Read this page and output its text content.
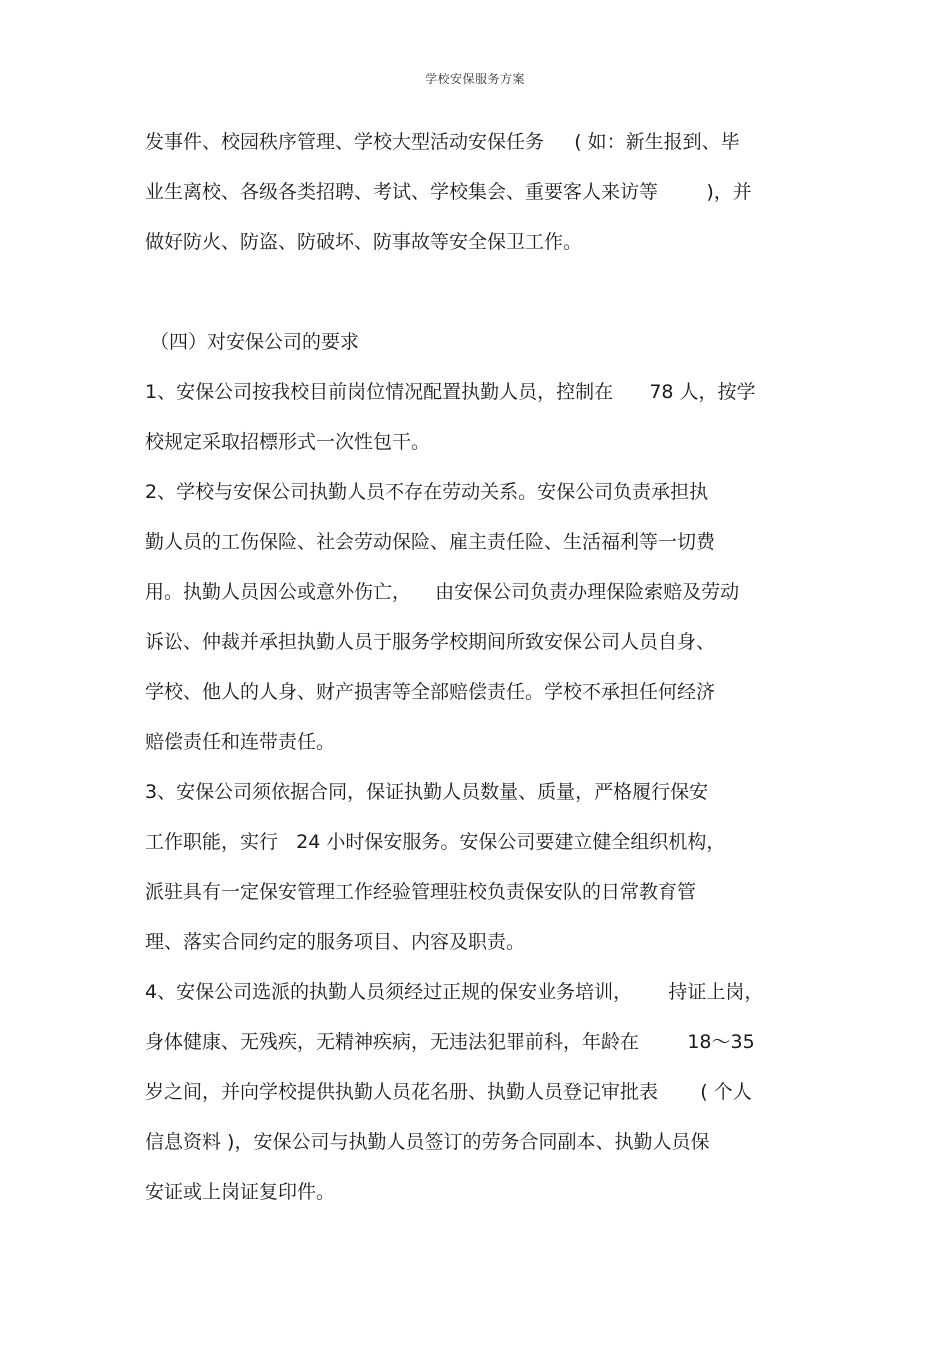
学校安保服务方案
发事件、校园秩序管理、学校大型活动安保任务     ( 如：新生报到、毕
业生离校、各级各类招聘、考试、学校集会、重要客人来访等        )，并
做好防火、防盗、防破坏、防事故等安全保卫工作。
（四）对安保公司的要求
1、安保公司按我校目前岗位情况配置执勤人员，控制在      78 人，按学
校规定采取招標形式一次性包干。
2、学校与安保公司执勤人员不存在劳动关系。安保公司负责承担执
勤人员的工伤保险、社会劳动保险、雇主责任险、生活福利等一切费
用。执勤人员因公或意外伤亡，    由安保公司负责办理保险索赔及劳动
诉讼、仲裁并承担执勤人员于服务学校期间所致安保公司人员自身、
学校、他人的人身、财产损害等全部赔偿责任。学校不承担任何经济
赔偿责任和连带责任。
3、安保公司须依据合同，保证执勤人员数量、质量，严格履行保安
工作职能，实行   24 小时保安服务。安保公司要建立健全组织机构，
派驻具有一定保安管理工作经验管理驻校负责保安队的日常教育管
理、落实合同约定的服务项目、内容及职责。
4、安保公司选派的执勤人员须经过正规的保安业务培训，      持证上岗，
身体健康、无残疾，无精神疾病，无违法犯罪前科，年龄在        18～35
岁之间，并向学校提供执勤人员花名册、执勤人员登记审批表       ( 个人
信息资料 )，安保公司与执勤人员签订的劳务合同副本、执勤人员保
安证或上岗证复印件。
